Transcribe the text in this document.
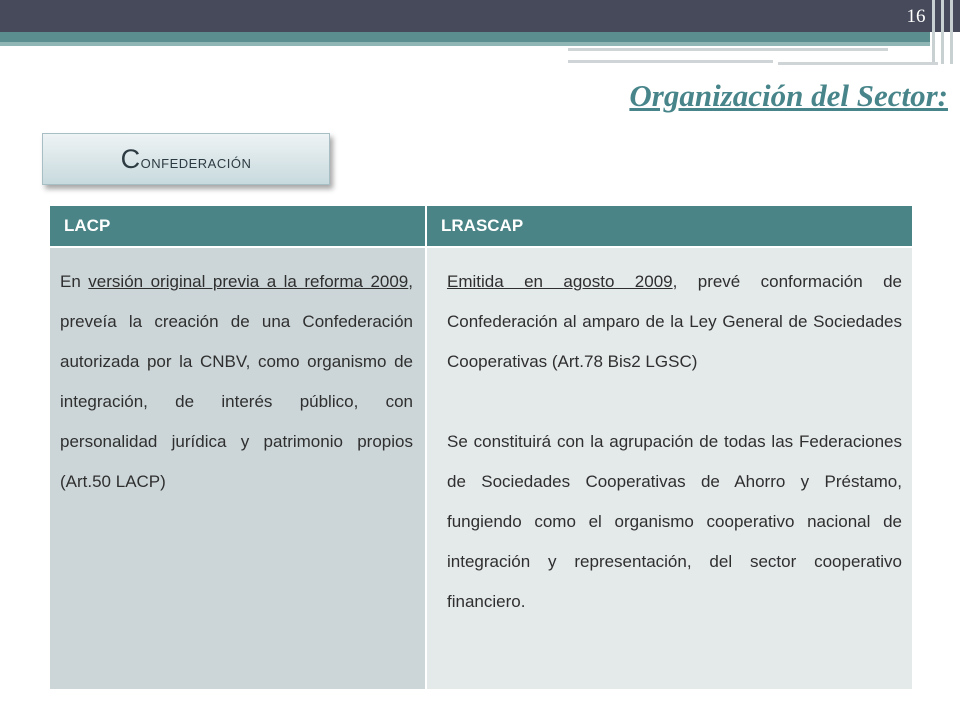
16
Organización del Sector:
Confederación
LACP	LRASCAP
En versión original previa a la reforma 2009, preveía la creación de una Confederación autorizada por la CNBV, como organismo de integración, de interés público, con personalidad jurídica y patrimonio propios (Art.50 LACP)
Emitida en agosto 2009, prevé conformación de Confederación al amparo de la Ley General de Sociedades Cooperativas (Art.78 Bis2 LGSC)
Se constituirá con la agrupación de todas las Federaciones de Sociedades Cooperativas de Ahorro y Préstamo, fungiendo como el organismo cooperativo nacional de integración y representación, del sector cooperativo financiero.
